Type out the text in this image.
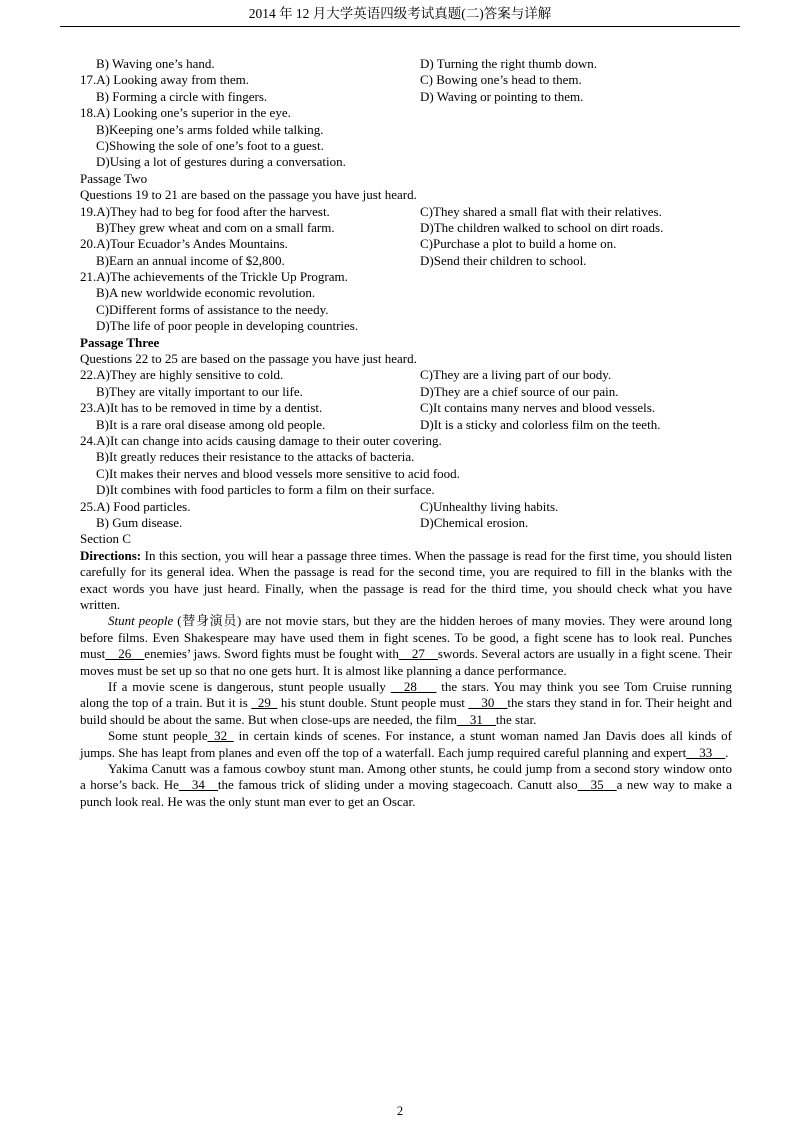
2014 年 12 月大学英语四级考试真题(二)答案与详解
B) Waving one’s hand.	D) Turning the right thumb down.
17.A) Looking away from them.	C) Bowing one’s head to them.
B) Forming a circle with fingers.	D) Waving or pointing to them.
18.A) Looking one’s superior in the eye.
B)Keeping one’s arms folded while talking.
C)Showing the sole of one’s foot to a guest.
D)Using a lot of gestures during a conversation.
Passage Two
Questions 19 to 21 are based on the passage you have just heard.
19.A)They had to beg for food after the harvest.	C)They shared a small flat with their relatives.
B)They grew wheat and com on a small farm.	D)The children walked to school on dirt roads.
20.A)Tour Ecuador’s Andes Mountains.	C)Purchase a plot to build a home on.
B)Earn an annual income of $2,800.	D)Send their children to school.
21.A)The achievements of the Trickle Up Program.
B)A new worldwide economic revolution.
C)Different forms of assistance to the needy.
D)The life of poor people in developing countries.
Passage Three
Questions 22 to 25 are based on the passage you have just heard.
22.A)They are highly sensitive to cold.	C)They are a living part of our body.
B)They are vitally important to our life.	D)They are a chief source of our pain.
23.A)It has to be removed in time by a dentist.	C)It contains many nerves and blood vessels.
B)It is a rare oral disease among old people.	D)It is a sticky and colorless film on the teeth.
24.A)It can change into acids causing damage to their outer covering.
B)It greatly reduces their resistance to the attacks of bacteria.
C)It makes their nerves and blood vessels more sensitive to acid food.
D)It combines with food particles to form a film on their surface.
25.A) Food particles.	C)Unhealthy living habits.
B) Gum disease.	D)Chemical erosion.
Section C

Directions: In this section, you will hear a passage three times. When the passage is read for the first time, you should listen carefully for its general idea. When the passage is read for the second time, you are required to fill in the blanks with the exact words you have just heard. Finally, when the passage is read for the third time, you should check what you have written.

Stunt people (替身演员) are not movie stars, but they are the hidden heroes of many movies. They were around long before films. Even Shakespeare may have used them in fight scenes. To be good, a fight scene has to look real. Punches must__26__enemies’ jaws. Sword fights must be fought with__27__swords. Several actors are usually in a fight scene. Their moves must be set up so that no one gets hurt. It is almost like planning a dance performance.

If a movie scene is dangerous, stunt people usually __28___ the stars. You may think you see Tom Cruise running along the top of a train. But it is _29_ his stunt double. Stunt people must __30__the stars they stand in for. Their height and build should be about the same. But when close-ups are needed, the film__31__the star.

Some stunt people_32_ in certain kinds of scenes. For instance, a stunt woman named Jan Davis does all kinds of jumps. She has leapt from planes and even off the top of a waterfall. Each jump required careful planning and expert__33__.

Yakima Canutt was a famous cowboy stunt man. Among other stunts, he could jump from a second story window onto a horse’s back. He__34__the famous trick of sliding under a moving stagecoach. Canutt also__35__a new way to make a punch look real. He was the only stunt man ever to get an Oscar.

2
